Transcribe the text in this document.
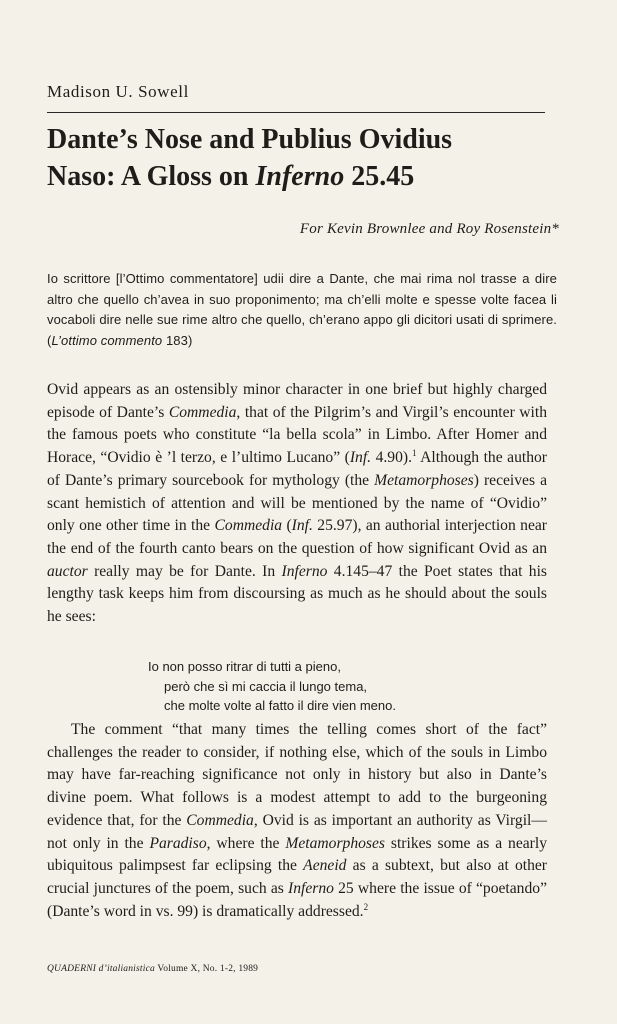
Madison U. Sowell
Dante’s Nose and Publius Ovidius
Naso: A Gloss on Inferno 25.45
For Kevin Brownlee and Roy Rosenstein*

Io scrittore [l’Ottimo commentatore] udii dire a Dante, che mai rima nol trasse a dire altro che quello ch’avea in suo proponimento; ma ch’elli molte e spesse volte facea li vocaboli dire nelle sue rime altro che quello, ch’erano appo gli dicitori usati di sprimere. (L’ottimo commento 183)

Ovid appears as an ostensibly minor character in one brief but highly charged episode of Dante’s Commedia, that of the Pilgrim’s and Virgil’s encounter with the famous poets who constitute “la bella scola” in Limbo. After Homer and Horace, “Ovidio è ’l terzo, e l’ultimo Lucano” (Inf. 4.90).$^1$ Although the author of Dante’s primary sourcebook for mythology (the Metamorphoses) receives a scant hemistich of attention and will be mentioned by the name of “Ovidio” only one other time in the Commedia (Inf. 25.97), an authorial interjection near the end of the fourth canto bears on the question of how significant Ovid as an auctor really may be for Dante. In Inferno 4.145–47 the Poet states that his lengthy task keeps him from discoursing as much as he should about the souls he sees:

Io non posso ritrar di tutti a pieno,
però che sì mi caccia il lungo tema,
che molte volte al fatto il dire vien meno.

The comment “that many times the telling comes short of the fact” challenges the reader to consider, if nothing else, which of the souls in Limbo may have far-reaching significance not only in history but also in Dante’s divine poem. What follows is a modest attempt to add to the burgeoning evidence that, for the Commedia, Ovid is as important an authority as Virgil—not only in the Paradiso, where the Metamorphoses strikes some as a nearly ubiquitous palimpsest far eclipsing the Aeneid as a subtext, but also at other crucial junctures of the poem, such as Inferno 25 where the issue of “poetando” (Dante’s word in vs. 99) is dramatically addressed.$^2$

QUADERNI d’italianistica Volume X, No. 1-2, 1989
